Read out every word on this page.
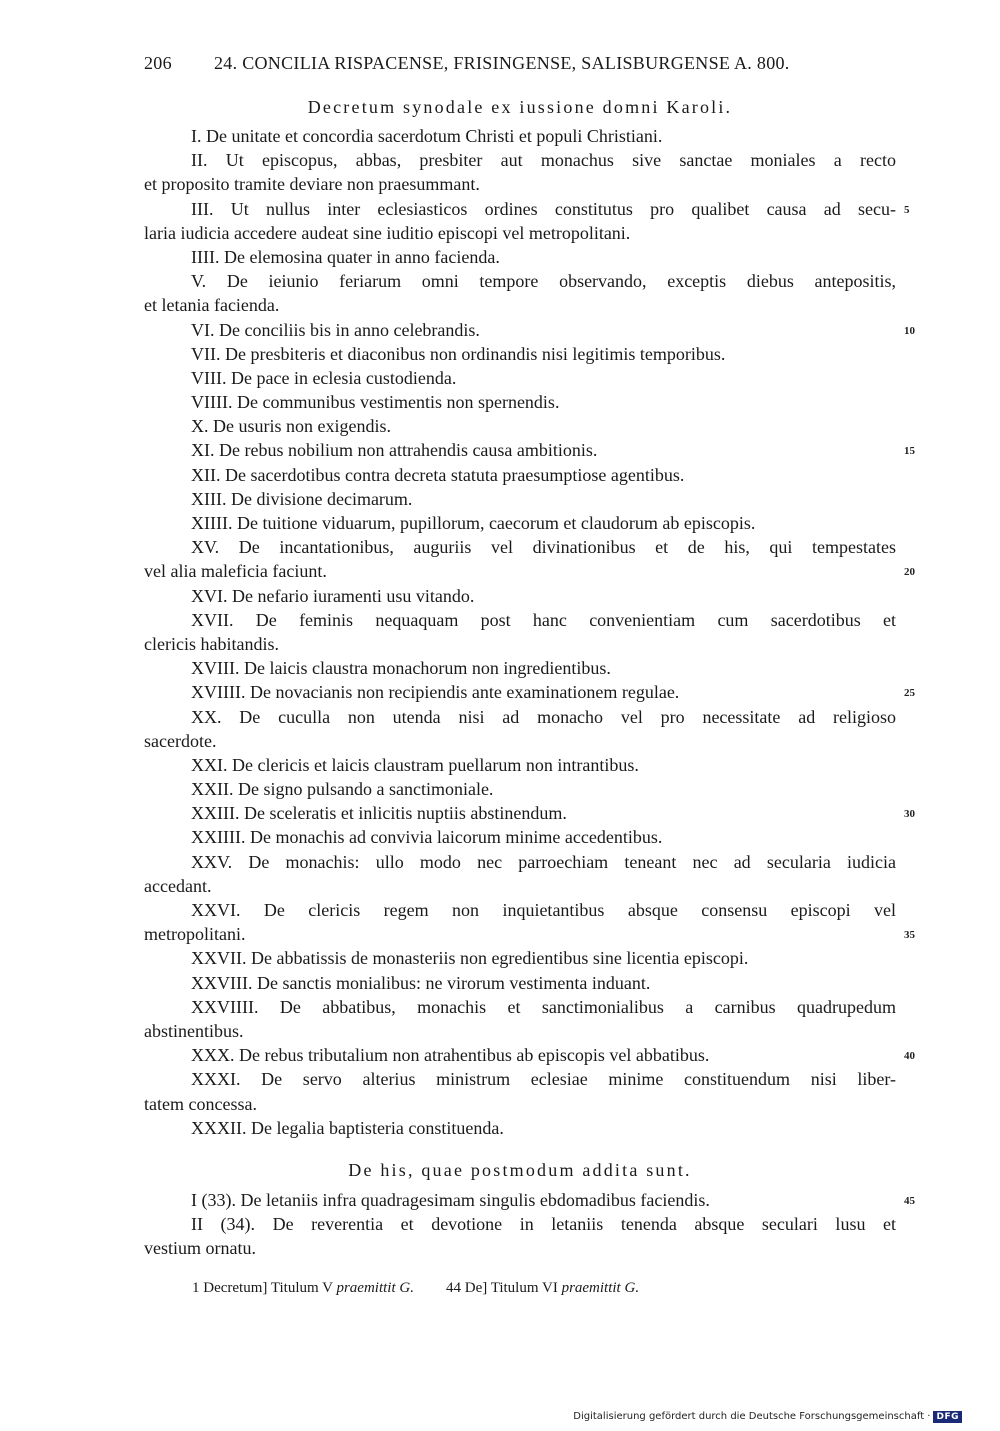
206 24. CONCILIA RISPACENSE, FRISINGENSE, SALISBURGENSE A. 800.
Decretum synodale ex iussione domni Karoli.
I. De unitate et concordia sacerdotum Christi et populi Christiani.
II. Ut episcopus, abbas, presbiter aut monachus sive sanctae moniales a recto
et proposito tramite deviare non praesummant.
III. Ut nullus inter eclesiasticos ordines constitutus pro qualibet causa ad secu- 5
laria iudicia accedere audeat sine iuditio episcopi vel metropolitani.
IIII. De elemosina quater in anno facienda.
V. De ieiunio feriarum omni tempore observando, exceptis diebus antepositis,
et letania facienda.
VI. De conciliis bis in anno celebrandis.	10
VII. De presbiteris et diaconibus non ordinandis nisi legitimis temporibus.
VIII. De pace in eclesia custodienda.
VIIII. De communibus vestimentis non spernendis.
X. De usuris non exigendis.
XI. De rebus nobilium non attrahendis causa ambitionis.	15
XII. De sacerdotibus contra decreta statuta praesumptiose agentibus.
XIII. De divisione decimarum.
XIIII. De tuitione viduarum, pupillorum, caecorum et claudorum ab episcopis.
XV. De incantationibus, auguriis vel divinationibus et de his, qui tempestates
vel alia maleficia faciunt.	20
XVI. De nefario iuramenti usu vitando.
XVII. De feminis nequaquam post hanc convenientiam cum sacerdotibus et
clericis habitandis.
XVIII. De laicis claustra monachorum non ingredientibus.
XVIIII. De novacianis non recipiendis ante examinationem regulae.	25
XX. De cuculla non utenda nisi ad monacho vel pro necessitate ad religioso
sacerdote.
XXI. De clericis et laicis claustram puellarum non intrantibus.
XXII. De signo pulsando a sanctimoniale.
XXIII. De sceleratis et inlicitis nuptiis abstinendum.	30
XXIIII. De monachis ad convivia laicorum minime accedentibus.
XXV. De monachis: ullo modo nec parroechiam teneant nec ad secularia iudicia
accedant.
XXVI. De clericis regem non inquietantibus absque consensu episcopi vel
metropolitani.	35
XXVII. De abbatissis de monasteriis non egredientibus sine licentia episcopi.
XXVIII. De sanctis monialibus: ne virorum vestimenta induant.
XXVIIII. De abbatibus, monachis et sanctimonialibus a carnibus quadrupedum
abstinentibus.
XXX. De rebus tributalium non atrahentibus ab episcopis vel abbatibus.	40
XXXI. De servo alterius ministrum eclesiae minime constituendum nisi liber-
tatem concessa.
XXXII. De legalia baptisteria constituenda.
De his, quae postmodum addita sunt.
I (33). De letaniis infra quadragesimam singulis ebdomadibus faciendis.	45
II (34). De reverentia et devotione in letaniis tenenda absque seculari lusu et
vestium ornatu.
1 Decretum] Titulum V praemittit G. 44 De] Titulum VI praemittit G.
Digitalisierung gefördert durch die Deutsche Forschungsgemeinschaft · DFG
